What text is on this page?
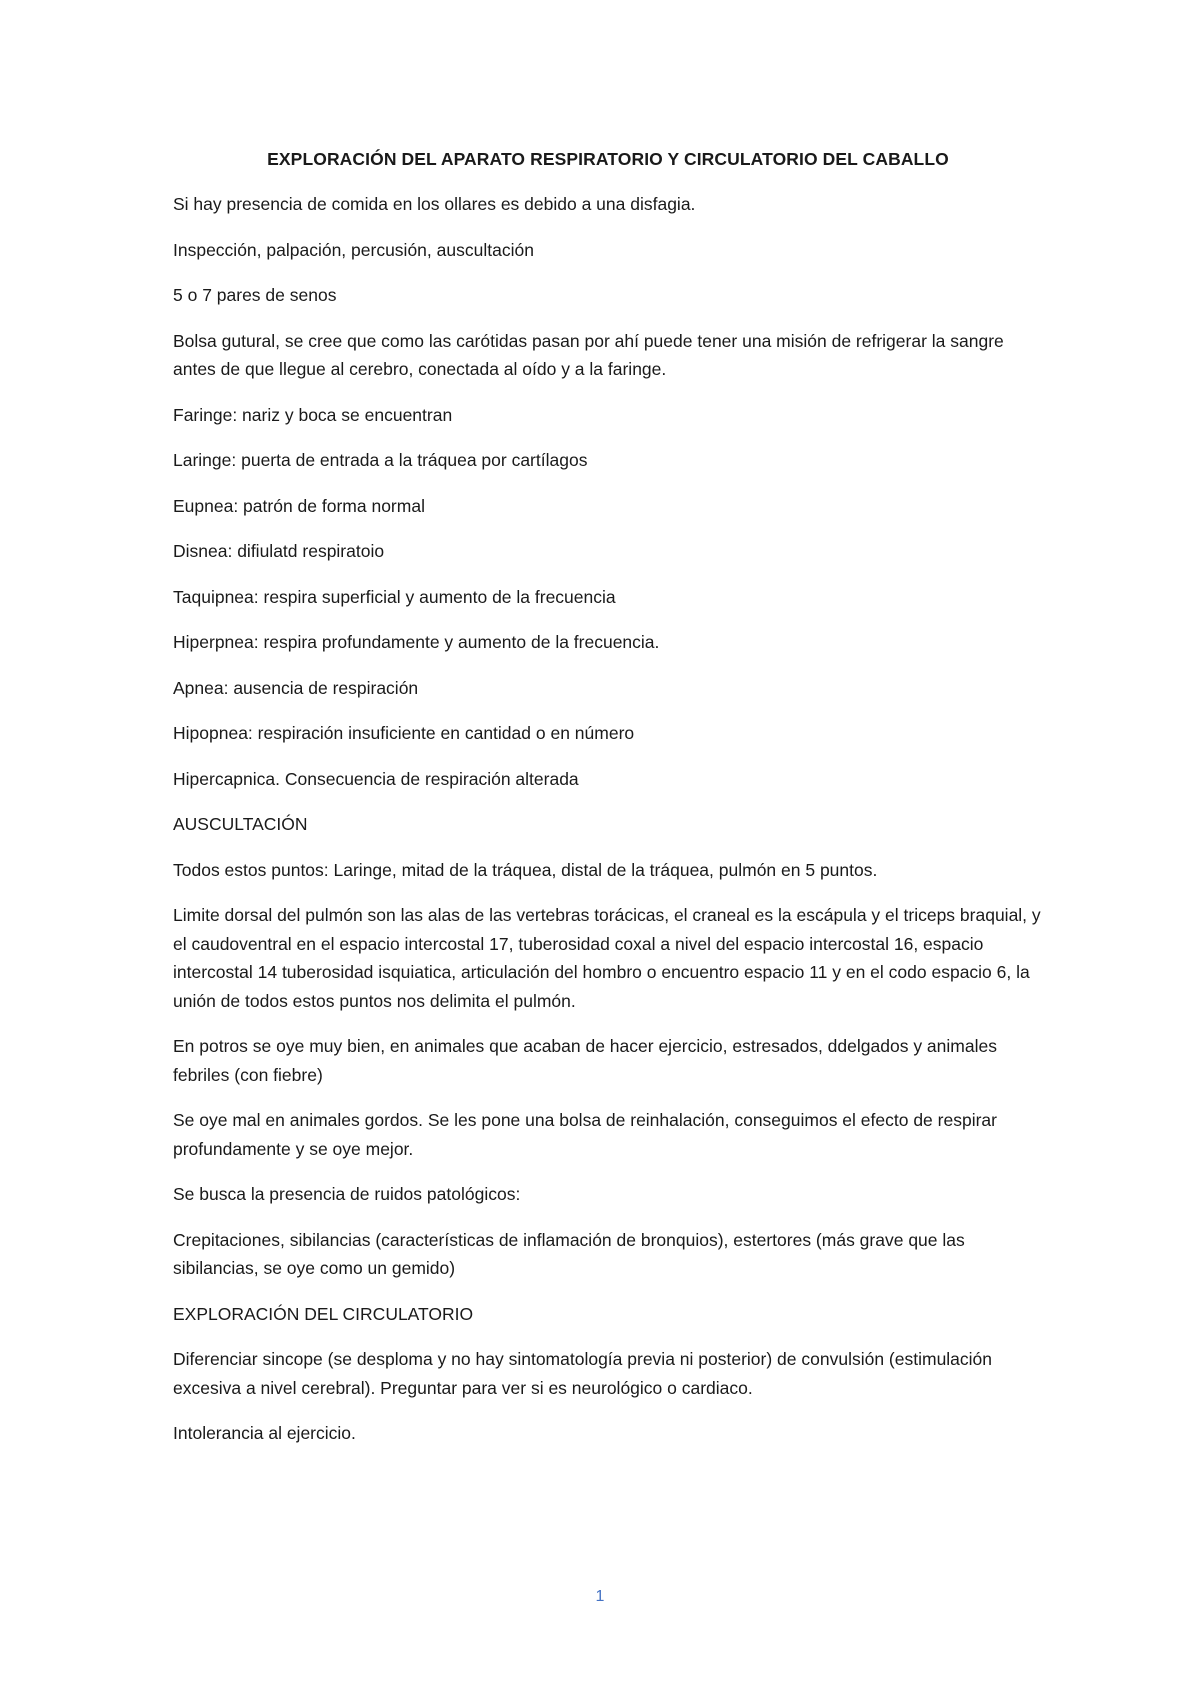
EXPLORACIÓN DEL APARATO RESPIRATORIO Y CIRCULATORIO DEL CABALLO

Si hay presencia de comida en los ollares es debido a una disfagia.

Inspección, palpación, percusión, auscultación

5 o 7 pares de senos

Bolsa gutural, se cree que como las carótidas pasan por ahí puede tener una misión de refrigerar la sangre antes de que llegue al cerebro, conectada al oído y a la faringe.

Faringe: nariz y boca se encuentran

Laringe: puerta de entrada a la tráquea por cartílagos

Eupnea: patrón de forma normal

Disnea: difiulatd respiratoio

Taquipnea: respira superficial y aumento de la frecuencia

Hiperpnea: respira profundamente y aumento de la frecuencia.

Apnea: ausencia de respiración

Hipopnea: respiración insuficiente en cantidad o en número

Hipercapnica. Consecuencia de respiración alterada

AUSCULTACIÓN

Todos estos puntos: Laringe, mitad de la tráquea, distal de la tráquea, pulmón en 5 puntos.

Limite dorsal del pulmón son las alas de las vertebras torácicas, el craneal es la escápula y el triceps braquial, y el caudoventral en el espacio intercostal 17, tuberosidad coxal a nivel del espacio intercostal 16, espacio intercostal 14 tuberosidad isquiatica, articulación del hombro o encuentro espacio 11 y en el codo espacio 6, la unión de todos estos puntos nos delimita el pulmón.

En potros se oye muy bien, en animales que acaban de hacer ejercicio, estresados, ddelgados y animales febriles (con fiebre)

Se oye mal en animales gordos. Se les pone una bolsa de reinhalación, conseguimos el efecto de respirar profundamente y se oye mejor.

Se busca la presencia de ruidos patológicos:

Crepitaciones, sibilancias (características de inflamación de bronquios), estertores (más grave que las sibilancias, se oye como un gemido)

EXPLORACIÓN DEL CIRCULATORIO

Diferenciar sincope (se desploma y no hay sintomatología previa ni posterior) de convulsión (estimulación excesiva a nivel cerebral). Preguntar para ver si es neurológico o cardiaco.

Intolerancia al ejercicio.

1
